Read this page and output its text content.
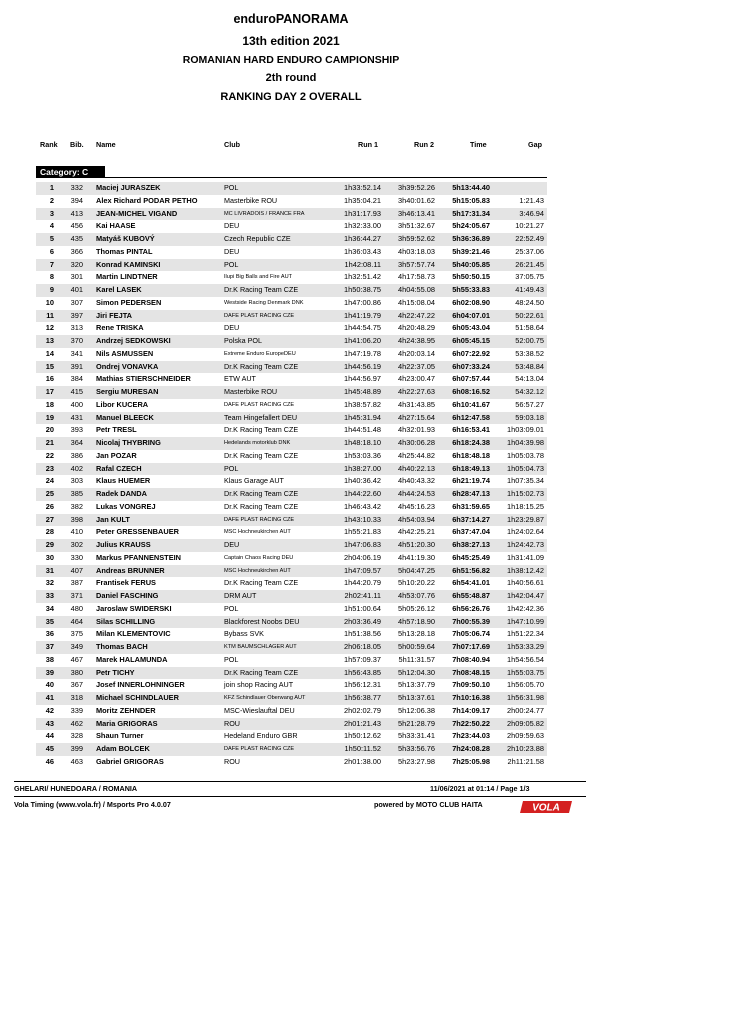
enduroPANORAMA
13th edition 2021
ROMANIAN HARD ENDURO CAMPIONSHIP
2th round
RANKING DAY 2 OVERALL
Rank Bib. Name	Club	Run 1	Run 2	Time	Gap
Category: C
1	332 Maciej JURASZEK	POL	1h33:52.14	3h39:52.26	5h13:44.40
2	394 Alex Richard PODAR PETHO	Masterbike ROU	1h35:04.21	3h40:01.62	5h15:05.83	1:21.43
3	413 JEAN-MICHEL VIGAND	MC LIVRADOIS / FRANCE FRA	1h31:17.93	3h46:13.41	5h17:31.34	3:46.94
4	456 Kai HAASE	DEU	1h32:33.00	3h51:32.67	5h24:05.67	10:21.27
5	435 Matyáš KUBOVÝ	Czech Republic CZE	1h36:44.27	3h59:52.62	5h36:36.89	22:52.49
6	366 Thomas PINTAL	DEU	1h36:03.43	4h03:18.03	5h39:21.46	25:37.06
7	320 Konrad KAMINSKI	POL	1h42:08.11	3h57:57.74	5h40:05.85	26:21.45
8	301 Martin LINDTNER	Ilupi Big Balls and Fire AUT	1h32:51.42	4h17:58.73	5h50:50.15	37:05.75
9	401 Karel LASEK	Dr.K Racing Team CZE	1h50:38.75	4h04:55.08	5h55:33.83	41:49.43
10	307 Simon PEDERSEN	Westside Racing Denmark DNK	1h47:00.86	4h15:08.04	6h02:08.90	48:24.50
11	397 Jiri FEJTA	DAFE PLAST RACING CZE	1h41:19.79	4h22:47.22	6h04:07.01	50:22.61
12	313 Rene TRISKA	DEU	1h44:54.75	4h20:48.29	6h05:43.04	51:58.64
13	370 Andrzej SEDKOWSKI	Polska POL	1h41:06.20	4h24:38.95	6h05:45.15	52:00.75
14	341 Nils ASMUSSEN	Extreme Enduro EuropeDEU	1h47:19.78	4h20:03.14	6h07:22.92	53:38.52
15	391 Ondrej VONAVKA	Dr.K Racing Team CZE	1h44:56.19	4h22:37.05	6h07:33.24	53:48.84
16	384 Mathias STIERSCHNEIDER	ETW AUT	1h44:56.97	4h23:00.47	6h07:57.44	54:13.04
17	415 Sergiu MURESAN	Masterbike ROU	1h45:48.89	4h22:27.63	6h08:16.52	54:32.12
18	400 Libor KUCERA	DAFE PLAST RACING CZE	1h38:57.82	4h31:43.85	6h10:41.67	56:57.27
19	431 Manuel BLEECK	Team Hingefallert DEU	1h45:31.94	4h27:15.64	6h12:47.58	59:03.18
20	393 Petr TRESL	Dr.K Racing Team CZE	1h44:51.48	4h32:01.93	6h16:53.41	1h03:09.01
21	364 Nicolaj THYBRING	Hedelands motorklub DNK	1h48:18.10	4h30:06.28	6h18:24.38	1h04:39.98
22	386 Jan POZAR	Dr.K Racing Team CZE	1h53:03.36	4h25:44.82	6h18:48.18	1h05:03.78
23	402 Rafal CZECH	POL	1h38:27.00	4h40:22.13	6h18:49.13	1h05:04.73
24	303 Klaus HUEMER	Klaus Garage AUT	1h40:36.42	4h40:43.32	6h21:19.74	1h07:35.34
25	385 Radek DANDA	Dr.K Racing Team CZE	1h44:22.60	4h44:24.53	6h28:47.13	1h15:02.73
26	382 Lukas VONGREJ	Dr.K Racing Team CZE	1h46:43.42	4h45:16.23	6h31:59.65	1h18:15.25
27	398 Jan KULT	DAFE PLAST RACING CZE	1h43:10.33	4h54:03.94	6h37:14.27	1h23:29.87
28	410 Peter GRESSENBAUER	MSC Hochneukirchen AUT	1h55:21.83	4h42:25.21	6h37:47.04	1h24:02.64
29	302 Julius KRAUSS	DEU	1h47:06.83	4h51:20.30	6h38:27.13	1h24:42.73
30	330 Markus PFANNENSTEIN	Captain Chaos Racing DEU	2h04:06.19	4h41:19.30	6h45:25.49	1h31:41.09
31	407 Andreas BRUNNER	MSC Hochneukirchen AUT	1h47:09.57	5h04:47.25	6h51:56.82	1h38:12.42
32	387 Frantisek FERUS	Dr.K Racing Team CZE	1h44:20.79	5h10:20.22	6h54:41.01	1h40:56.61
33	371 Daniel FASCHING	DRM AUT	2h02:41.11	4h53:07.76	6h55:48.87	1h42:04.47
34	480 Jaroslaw SWIDERSKI	POL	1h51:00.64	5h05:26.12	6h56:26.76	1h42:42.36
35	464 Silas SCHILLING	Blackforest Noobs DEU	2h03:36.49	4h57:18.90	7h00:55.39	1h47:10.99
36	375 Milan KLEMENTOVIC	Bybass SVK	1h51:38.56	5h13:28.18	7h05:06.74	1h51:22.34
37	349 Thomas BACH	KTM BAUMSCHLAGER AUT	2h06:18.05	5h00:59.64	7h07:17.69	1h53:33.29
38	467 Marek HALAMUNDA	POL	1h57:09.37	5h11:31.57	7h08:40.94	1h54:56.54
39	380 Petr TICHY	Dr.K Racing Team CZE	1h56:43.85	5h12:04.30	7h08:48.15	1h55:03.75
40	367 Josef INNERLOHNINGER	join shop Racing AUT	1h56:12.31	5h13:37.79	7h09:50.10	1h56:05.70
41	318 Michael SCHINDLAUER	KFZ Schindlauer Oberwang AUT	1h56:38.77	5h13:37.61	7h10:16.38	1h56:31.98
42	339 Moritz ZEHNDER	MSC-Wieslauftal DEU	2h02:02.79	5h12:06.38	7h14:09.17	2h00:24.77
43	462 Maria GRIGORAS	ROU	2h01:21.43	5h21:28.79	7h22:50.22	2h09:05.82
44	328 Shaun Turner	Hedeland Enduro GBR	1h50:12.62	5h33:31.41	7h23:44.03	2h09:59.63
45	399 Adam BOLCEK	DAFE PLAST RACING CZE	1h50:11.52	5h33:56.76	7h24:08.28	2h10:23.88
46	463 Gabriel GRIGORAS	ROU	2h01:38.00	5h23:27.98	7h25:05.98	2h11:21.58
GHELARI/ HUNEDOARA / ROMANIA	11/06/2021 at 01:14 / Page 1/3
Vola Timing (www.vola.fr) / Msports Pro 4.0.07	powered by MOTO CLUB HAITA	VOLA
